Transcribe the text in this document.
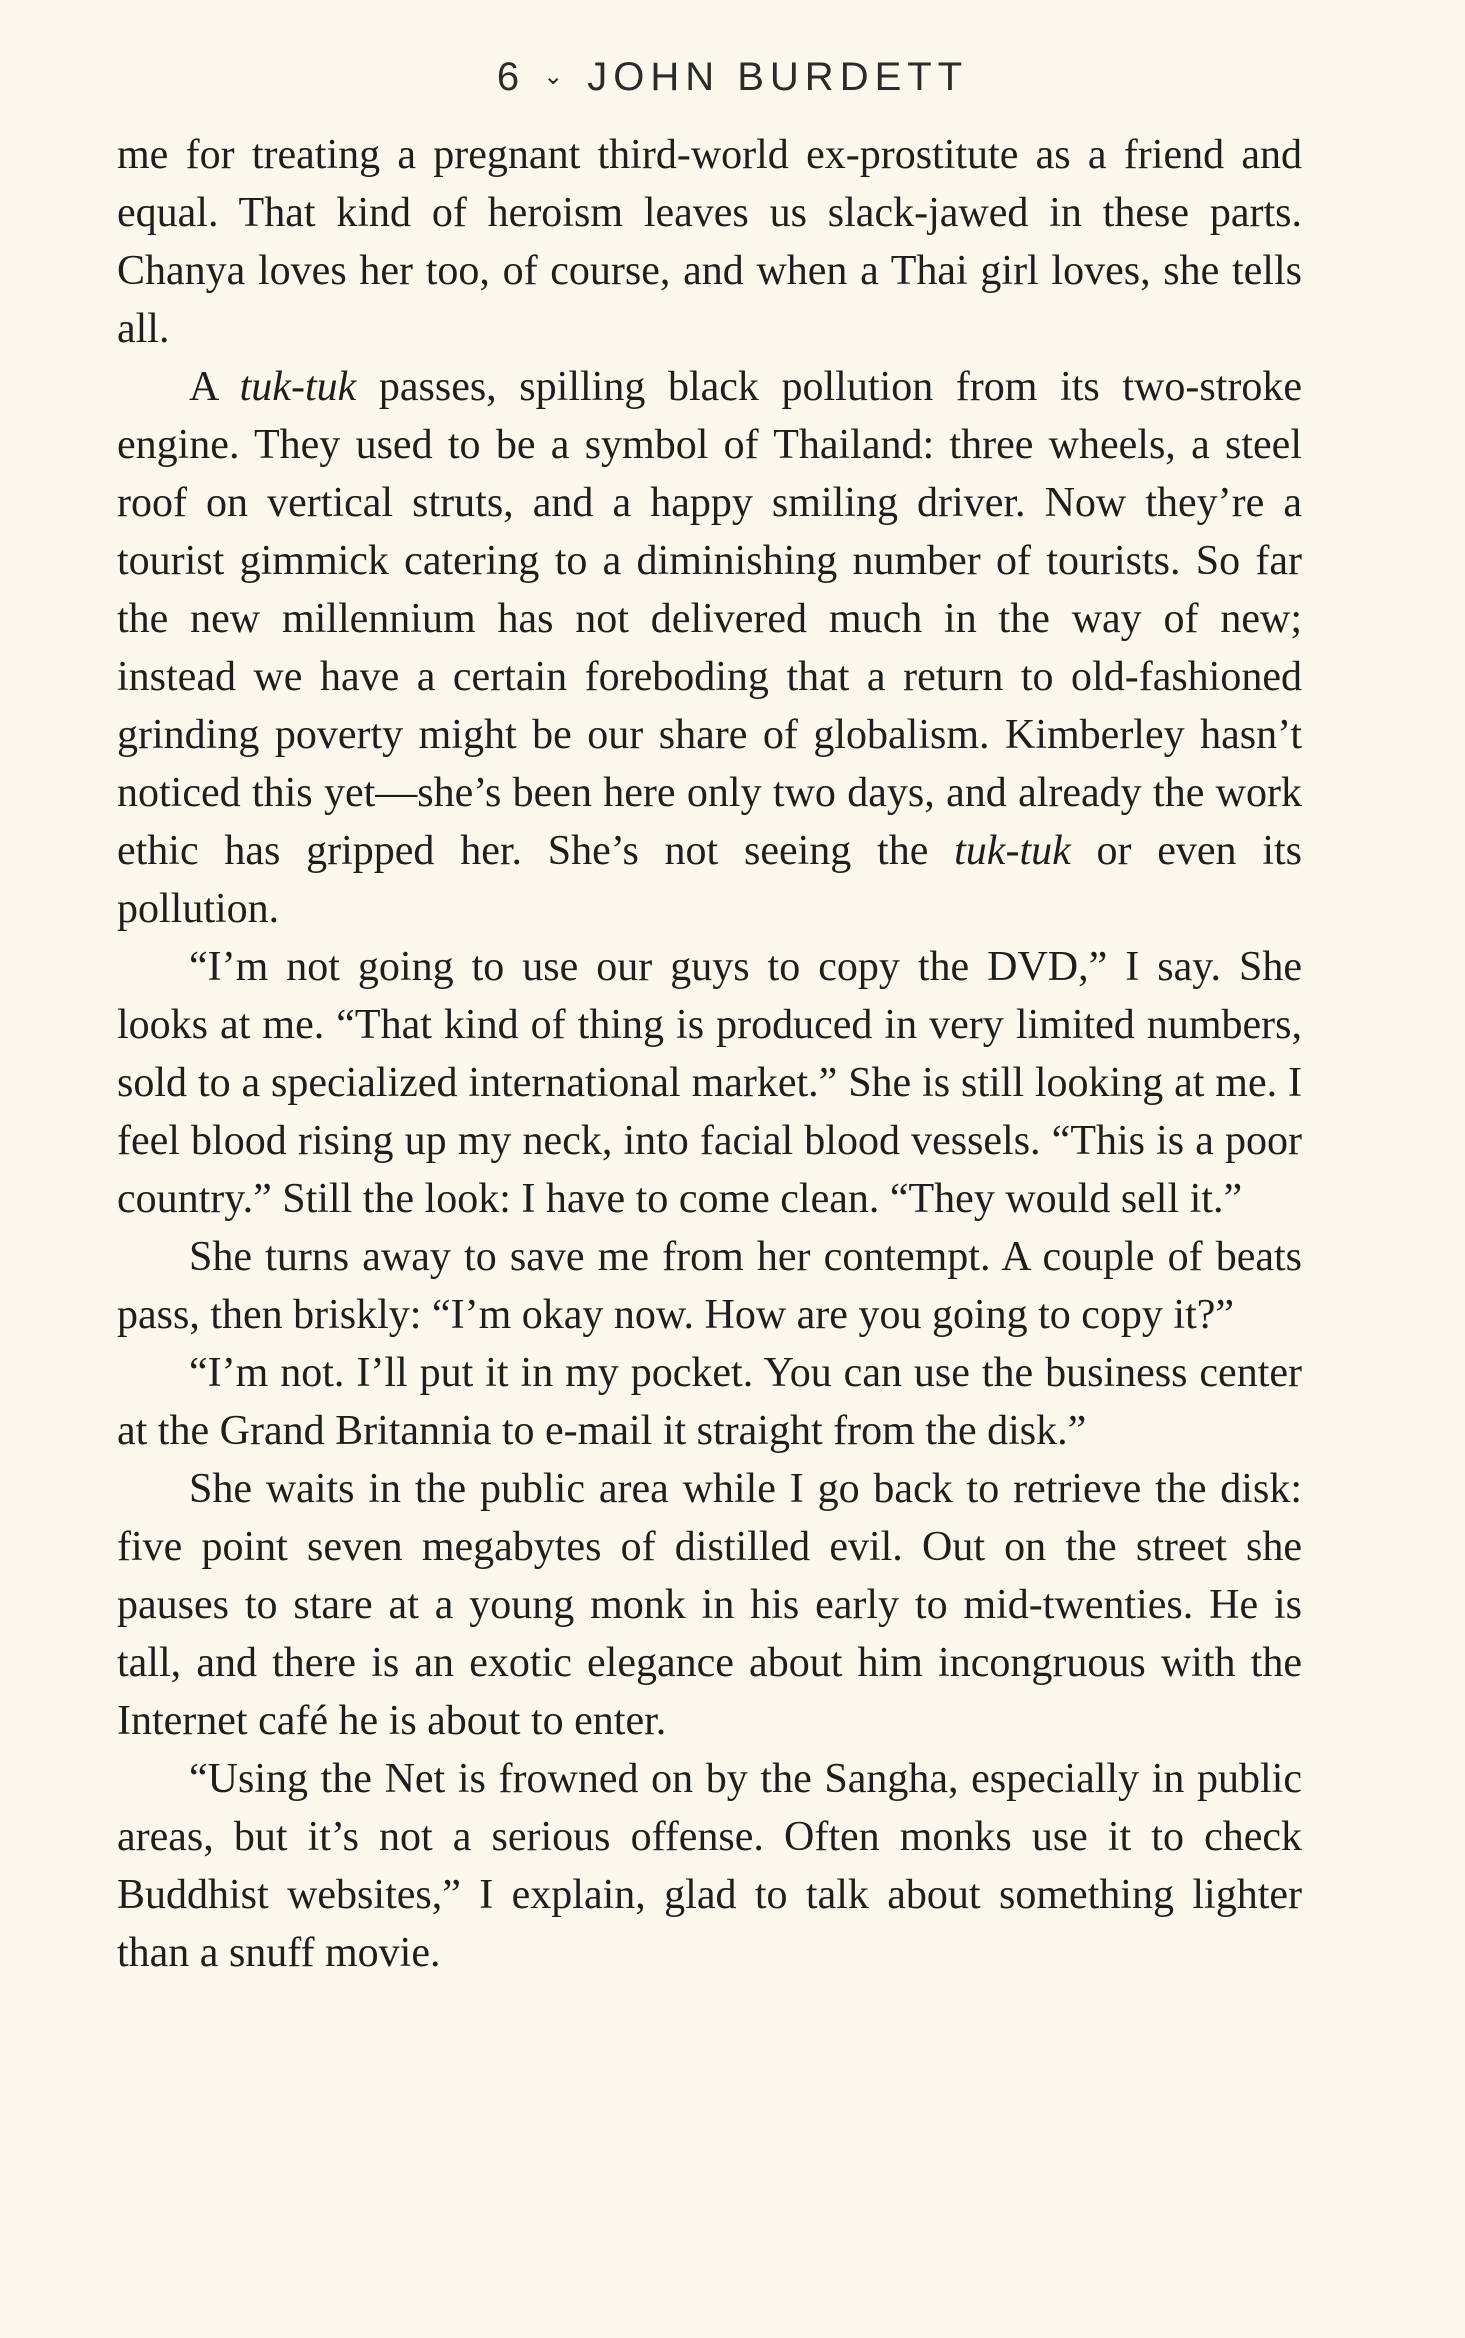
6 ⌄ JOHN BURDETT

me for treating a pregnant third-world ex-prostitute as a friend and equal. That kind of heroism leaves us slack-jawed in these parts. Chanya loves her too, of course, and when a Thai girl loves, she tells all.

A tuk-tuk passes, spilling black pollution from its two-stroke engine. They used to be a symbol of Thailand: three wheels, a steel roof on vertical struts, and a happy smiling driver. Now they’re a tourist gimmick catering to a diminishing number of tourists. So far the new millennium has not delivered much in the way of new; instead we have a certain foreboding that a return to old-fashioned grinding poverty might be our share of globalism. Kimberley hasn’t noticed this yet—she’s been here only two days, and already the work ethic has gripped her. She’s not seeing the tuk-tuk or even its pollution.

“I’m not going to use our guys to copy the DVD,” I say. She looks at me. “That kind of thing is produced in very limited numbers, sold to a specialized international market.” She is still looking at me. I feel blood rising up my neck, into facial blood vessels. “This is a poor country.” Still the look: I have to come clean. “They would sell it.”

She turns away to save me from her contempt. A couple of beats pass, then briskly: “I’m okay now. How are you going to copy it?”

“I’m not. I’ll put it in my pocket. You can use the business center at the Grand Britannia to e-mail it straight from the disk.”

She waits in the public area while I go back to retrieve the disk: five point seven megabytes of distilled evil. Out on the street she pauses to stare at a young monk in his early to mid-twenties. He is tall, and there is an exotic elegance about him incongruous with the Internet café he is about to enter.

“Using the Net is frowned on by the Sangha, especially in public areas, but it’s not a serious offense. Often monks use it to check Buddhist websites,” I explain, glad to talk about something lighter than a snuff movie.
